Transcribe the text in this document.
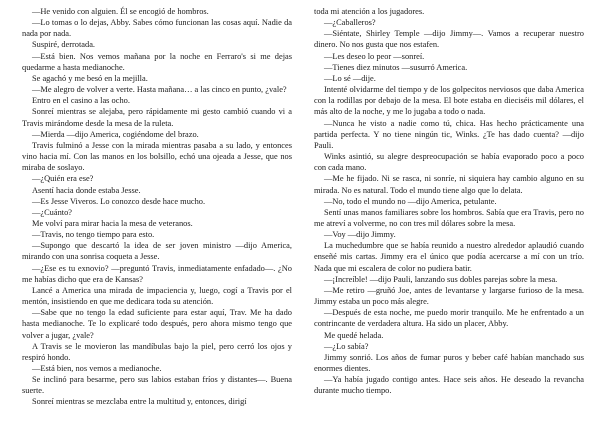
—He venido con alguien. Él se encogió de hombros.

—Lo tomas o lo dejas, Abby. Sabes cómo funcionan las cosas aquí. Nadie da nada por nada.

Suspiré, derrotada.

—Está bien. Nos vemos mañana por la noche en Ferraro's si me dejas quedarme a hasta medianoche.

Se agachó y me besó en la mejilla.

—Me alegro de volver a verte. Hasta mañana… a las cinco en punto, ¿vale?

Entro en el casino a las ocho.

Sonreí mientras se alejaba, pero rápidamente mi gesto cambió cuando vi a Travis mirándome desde la mesa de la ruleta.

—Mierda —dijo America, cogiéndome del brazo.

Travis fulminó a Jesse con la mirada mientras pasaba a su lado, y entonces vino hacia mí. Con las manos en los bolsillo, echó una ojeada a Jesse, que nos miraba de soslayo.

—¿Quién era ese?

Asentí hacia donde estaba Jesse.

—Es Jesse Viveros. Lo conozco desde hace mucho.

—¿Cuánto?

Me volví para mirar hacia la mesa de veteranos.

—Travis, no tengo tiempo para esto.

—Supongo que descartó la idea de ser joven ministro —dijo America, mirando con una sonrisa coqueta a Jesse.

—¿Ese es tu exnovio? —preguntó Travis, inmediatamente enfadado—. ¿No me habías dicho que era de Kansas?

Lancé a America una mirada de impaciencia y, luego, cogí a Travis por el mentón, insistiendo en que me dedicara toda su atención.

—Sabe que no tengo la edad suficiente para estar aquí, Trav. Me ha dado hasta medianoche. Te lo explicaré todo después, pero ahora mismo tengo que volver a jugar, ¿vale?

A Travis se le movieron las mandíbulas bajo la piel, pero cerró los ojos y respiró hondo.

—Está bien, nos vemos a medianoche.

Se inclinó para besarme, pero sus labios estaban fríos y distantes—. Buena suerte.

Sonreí mientras se mezclaba entre la multitud y, entonces, dirigí

toda mi atención a los jugadores.

—¿Caballeros?

—Siéntate, Shirley Temple —dijo Jimmy—. Vamos a recuperar nuestro dinero. No nos gusta que nos estafen.

—Les deseo lo peor —sonreí.

—Tienes diez minutos —susurró America.

—Lo sé —dije.

Intenté olvidarme del tiempo y de los golpecitos nerviosos que daba America con la rodillas por debajo de la mesa. El bote estaba en dieciséis mil dólares, el más alto de la noche, y me lo jugaba a todo o nada.

—Nunca he visto a nadie como tú, chica. Has hecho prácticamente una partida perfecta. Y no tiene ningún tic, Winks. ¿Te has dado cuenta? —dijo Pauli.

Winks asintió, su alegre despreocupación se había evaporado poco a poco con cada mano.

—Me he fijado. Ni se rasca, ni sonríe, ni siquiera hay cambio alguno en su mirada. No es natural. Todo el mundo tiene algo que lo delata.

—No, todo el mundo no —dijo America, petulante.

Sentí unas manos familiares sobre los hombros. Sabía que era Travis, pero no me atreví a volverme, no con tres mil dólares sobre la mesa.

—Voy —dijo Jimmy.

La muchedumbre que se había reunido a nuestro alrededor aplaudió cuando enseñé mis cartas. Jimmy era el único que podía acercarse a mí con un trío. Nada que mi escalera de color no pudiera batir.

—¡Increíble! —dijo Pauli, lanzando sus dobles parejas sobre la mesa.

—Me retiro —gruñó Joe, antes de levantarse y largarse furioso de la mesa. Jimmy estaba un poco más alegre.

—Después de esta noche, me puedo morir tranquilo. Me he enfrentado a un contrincante de verdadera altura. Ha sido un placer, Abby.

Me quedé helada.

—¿Lo sabía?

Jimmy sonrió. Los años de fumar puros y beber café habían manchado sus enormes dientes.

—Ya había jugado contigo antes. Hace seis años. He deseado la revancha durante mucho tiempo.
